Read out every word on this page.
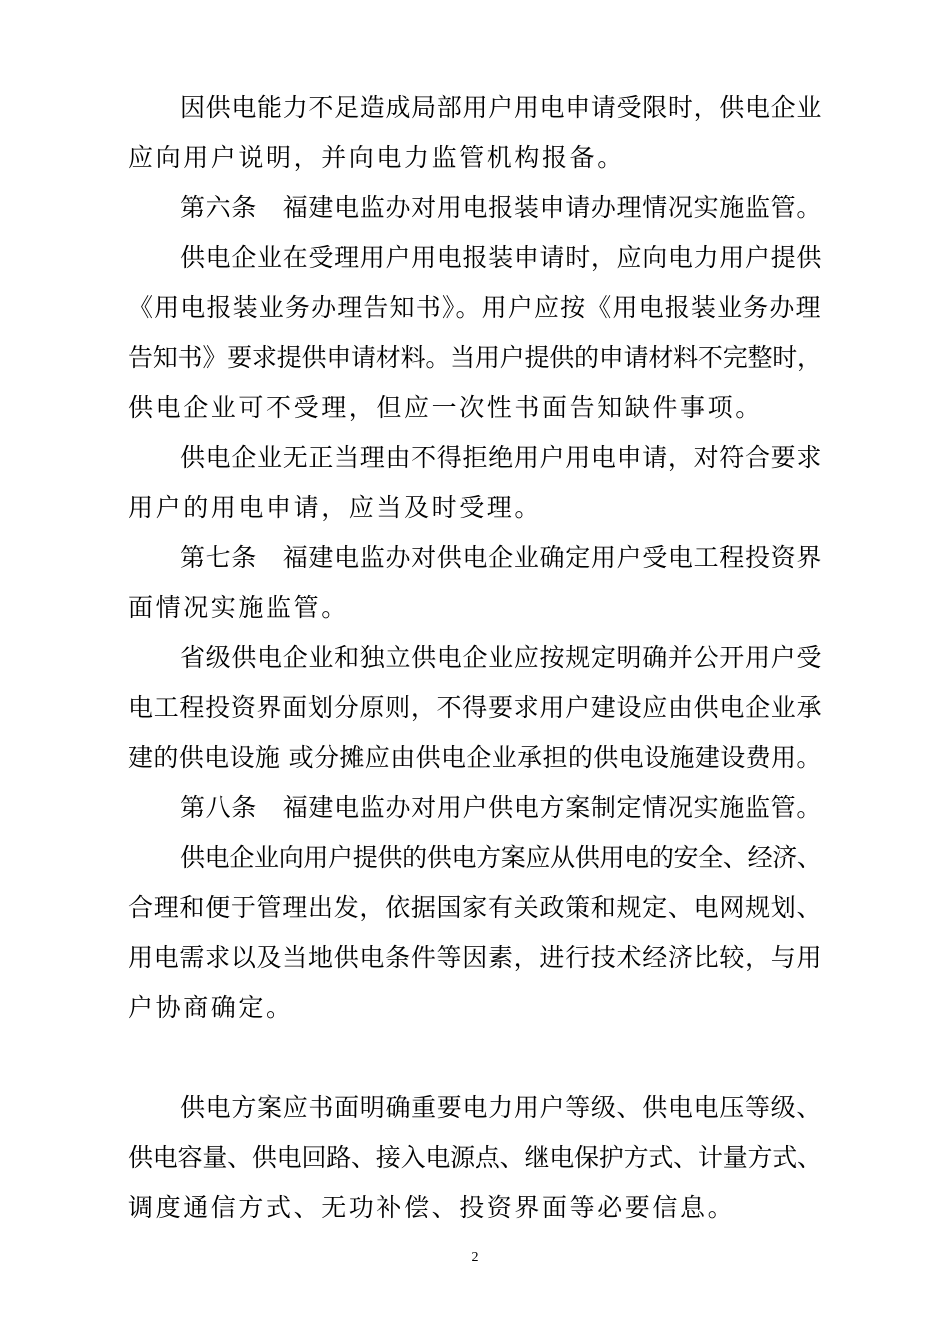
因供电能力不足造成局部用户用电申请受限时，供电企业
应向用户说明，并向电力监管机构报备。
第六条　福建电监办对用电报装申请办理情况实施监管。
供电企业在受理用户用电报装申请时，应向电力用户提供
《用电报装业务办理告知书》。用户应按《用电报装业务办理
告知书》要求提供申请材料。当用户提供的申请材料不完整时，
供电企业可不受理，但应一次性书面告知缺件事项。
供电企业无正当理由不得拒绝用户用电申请，对符合要求
用户的用电申请，应当及时受理。
第七条　福建电监办对供电企业确定用户受电工程投资界
面情况实施监管。
省级供电企业和独立供电企业应按规定明确并公开用户受
电工程投资界面划分原则，不得要求用户建设应由供电企业承
建的供电设施 或分摊应由供电企业承担的供电设施建设费用。
第八条　福建电监办对用户供电方案制定情况实施监管。
供电企业向用户提供的供电方案应从供用电的安全、经济、
合理和便于管理出发，依据国家有关政策和规定、电网规划、
用电需求以及当地供电条件等因素，进行技术经济比较，与用
户协商确定。
供电方案应书面明确重要电力用户等级、供电电压等级、
供电容量、供电回路、接入电源点、继电保护方式、计量方式、
调度通信方式、无功补偿、投资界面等必要信息。
2
